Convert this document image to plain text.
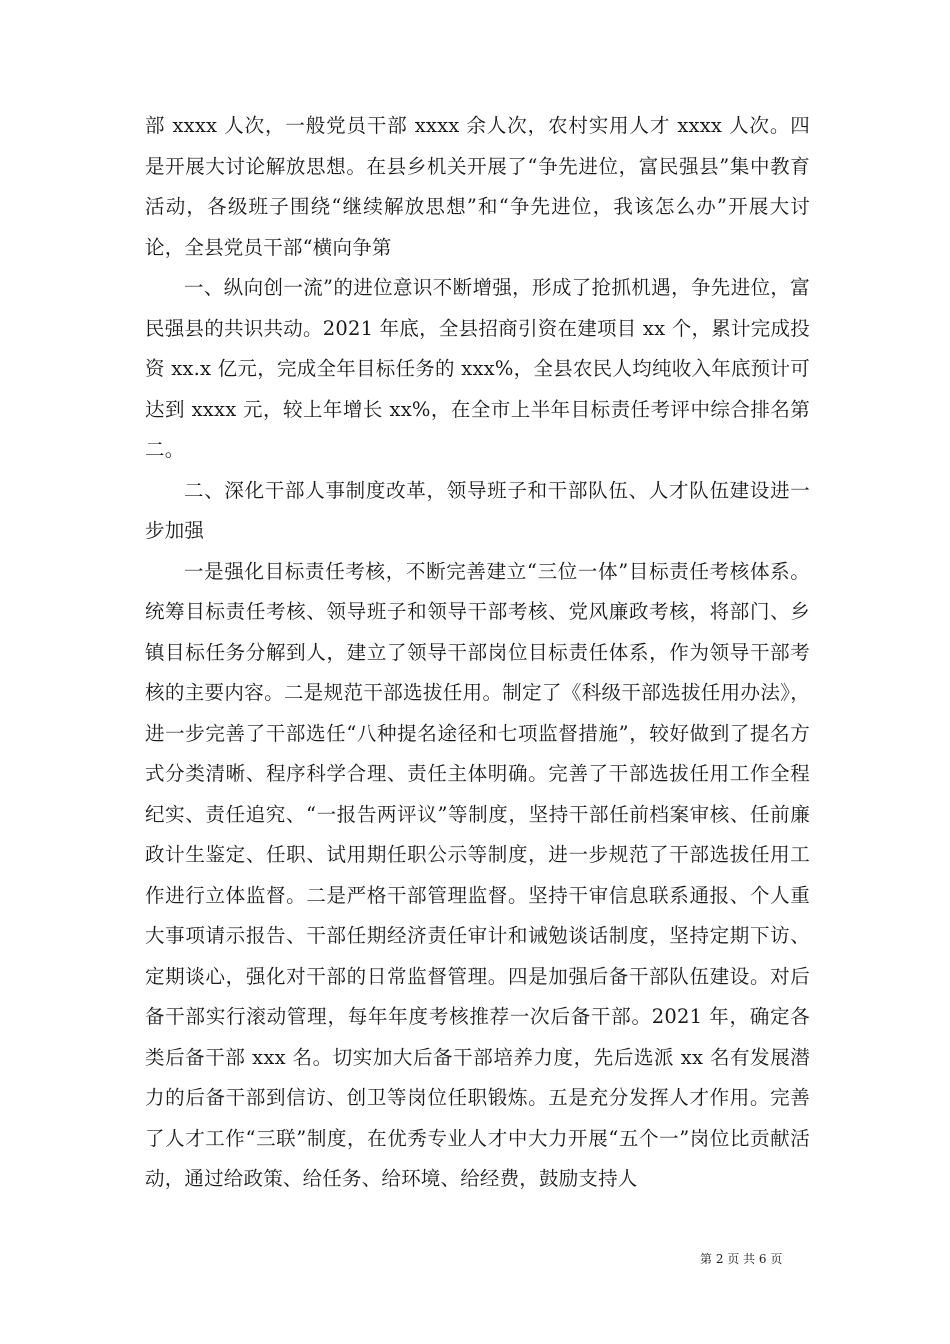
部 xxxx 人次，一般党员干部 xxxx 余人次，农村实用人才 xxxx 人次。四是开展大讨论解放思想。在县乡机关开展了“争先进位，富民强县”集中教育活动，各级班子围绕“继续解放思想”和“争先进位，我该怎么办”开展大讨论，全县党员干部“横向争第

一、纵向创一流”的进位意识不断增强，形成了抢抓机遇，争先进位，富民强县的共识共动。2021 年底，全县招商引资在建项目 xx 个，累计完成投资 xx.x 亿元，完成全年目标任务的 xxx%，全县农民人均纯收入年底预计可达到 xxxx 元，较上年增长 xx%，在全市上半年目标责任考评中综合排名第二。

二、深化干部人事制度改革，领导班子和干部队伍、人才队伍建设进一步加强

一是强化目标责任考核，不断完善建立“三位一体”目标责任考核体系。统筹目标责任考核、领导班子和领导干部考核、党风廉政考核，将部门、乡镇目标任务分解到人，建立了领导干部岗位目标责任体系，作为领导干部考核的主要内容。二是规范干部选拔任用。制定了《科级干部选拔任用办法》，进一步完善了干部选任“八种提名途径和七项监督措施”，较好做到了提名方式分类清晰、程序科学合理、责任主体明确。完善了干部选拔任用工作全程纪实、责任追究、“一报告两评议”等制度，坚持干部任前档案审核、任前廉政计生鉴定、任职、试用期任职公示等制度，进一步规范了干部选拔任用工作进行立体监督。二是严格干部管理监督。坚持干审信息联系通报、个人重大事项请示报告、干部任期经济责任审计和诫勉谈话制度，坚持定期下访、定期谈心，强化对干部的日常监督管理。四是加强后备干部队伍建设。对后备干部实行滚动管理，每年年度考核推荐一次后备干部。2021 年，确定各类后备干部 xxx 名。切实加大后备干部培养力度，先后选派 xx 名有发展潜力的后备干部到信访、创卫等岗位任职锻炼。五是充分发挥人才作用。完善了人才工作“三联”制度，在优秀专业人才中大力开展“五个一”岗位比贡献活动，通过给政策、给任务、给环境、给经费，鼓励支持人

第 2 页 共 6 页
